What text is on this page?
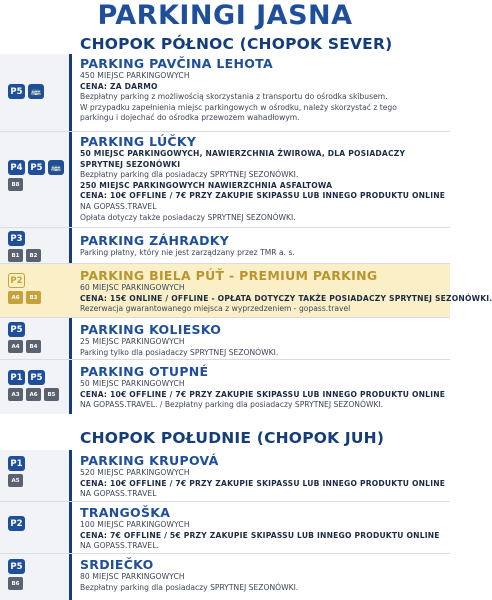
PARKINGI JASNA
CHOPOK PÓŁNOC (CHOPOK SEVER)
P5 🚌
PARKING PAVČINA LEHOTA
450 MIEJSC PARKINGOWYCH
CENA: ZA DARMO
Bezpłatny parking z możliwością skorzystania z transportu do ośrodka skibusem.
W przypadku zapełnienia miejsc parkingowych w ośrodku, należy skorzystać z tego
parkingu i dojechać do ośrodka przewozem wahadłowym.
P4 P5 🚌
B8
PARKING LÚČKY
50 MIEJSC PARKINGOWYCH, NAWIERZCHNIA ŻWIROWA, DLA POSIADACZY
SPRYTNEJ SEZONÓWKI
Bezpłatny parking dla posiadaczy SPRYTNEJ SEZONÓWKI.
250 MIEJSC PARKINGOWYCH NAWIERZCHNIA ASFALTOWA
CENA: 10€ OFFLINE / 7€ PRZY ZAKUPIE SKIPASSU LUB INNEGO PRODUKTU ONLINE
NA GOPASS.TRAVEL
Opłata dotyczy także posiadaczy SPRYTNEJ SEZONÓWKI.
P3
B1	B2
PARKING ZÁHRADKY
Parking płatny, który nie jest zarządzany przez TMR a. s.
P2
A6	B3
PARKING BIELA PÚŤ - PREMIUM PARKING
60 MIEJSC PARKINGOWYCH
CENA: 15€ ONLINE / OFFLINE - OPŁATA DOTYCZY TAKŻE POSIADACZY SPRYTNEJ SEZONÓWKI.
Rezerwacja gwarantowanego miejsca z wyprzedzeniem - gopass.travel
P5
A4	B4
PARKING KOLIESKO
25 MIEJSC PARKINGOWYCH
Parking tylko dla posiadaczy SPRYTNEJ SEZONÓWKI.
P1 P5
A3	A6	B5
PARKING OTUPNÉ
50 MIEJSC PARKINGOWYCH
CENA: 10€ OFFLINE / 7€ PRZY ZAKUPIE SKIPASSU LUB INNEGO PRODUKTU ONLINE
NA GOPASS.TRAVEL. / Bezpłatny parking dla posiadaczy SPRYTNEJ SEZONÓWKI.
CHOPOK POŁUDNIE (CHOPOK JUH)
P1
A5
PARKING KRUPOVÁ
520 MIEJSC PARKINGOWYCH
CENA: 10€ OFFLINE / 7€ PRZY ZAKUPIE SKIPASSU LUB INNEGO PRODUKTU ONLINE
NA GOPASS.TRAVEL
P2
TRANGOŠKA
100 MIEJSC PARKINGOWYCH
CENA: 7€ OFFLINE / 5€ PRZY ZAKUPIE SKIPASSU LUB INNEGO PRODUKTU ONLINE
NA GOPASS.TRAVEL.
P5
B6
SRDIEČKO
80 MIEJSC PARKINGOWYCH
Bezpłatny parking dla posiadaczy SPRYTNEJ SEZONÓWKI.
